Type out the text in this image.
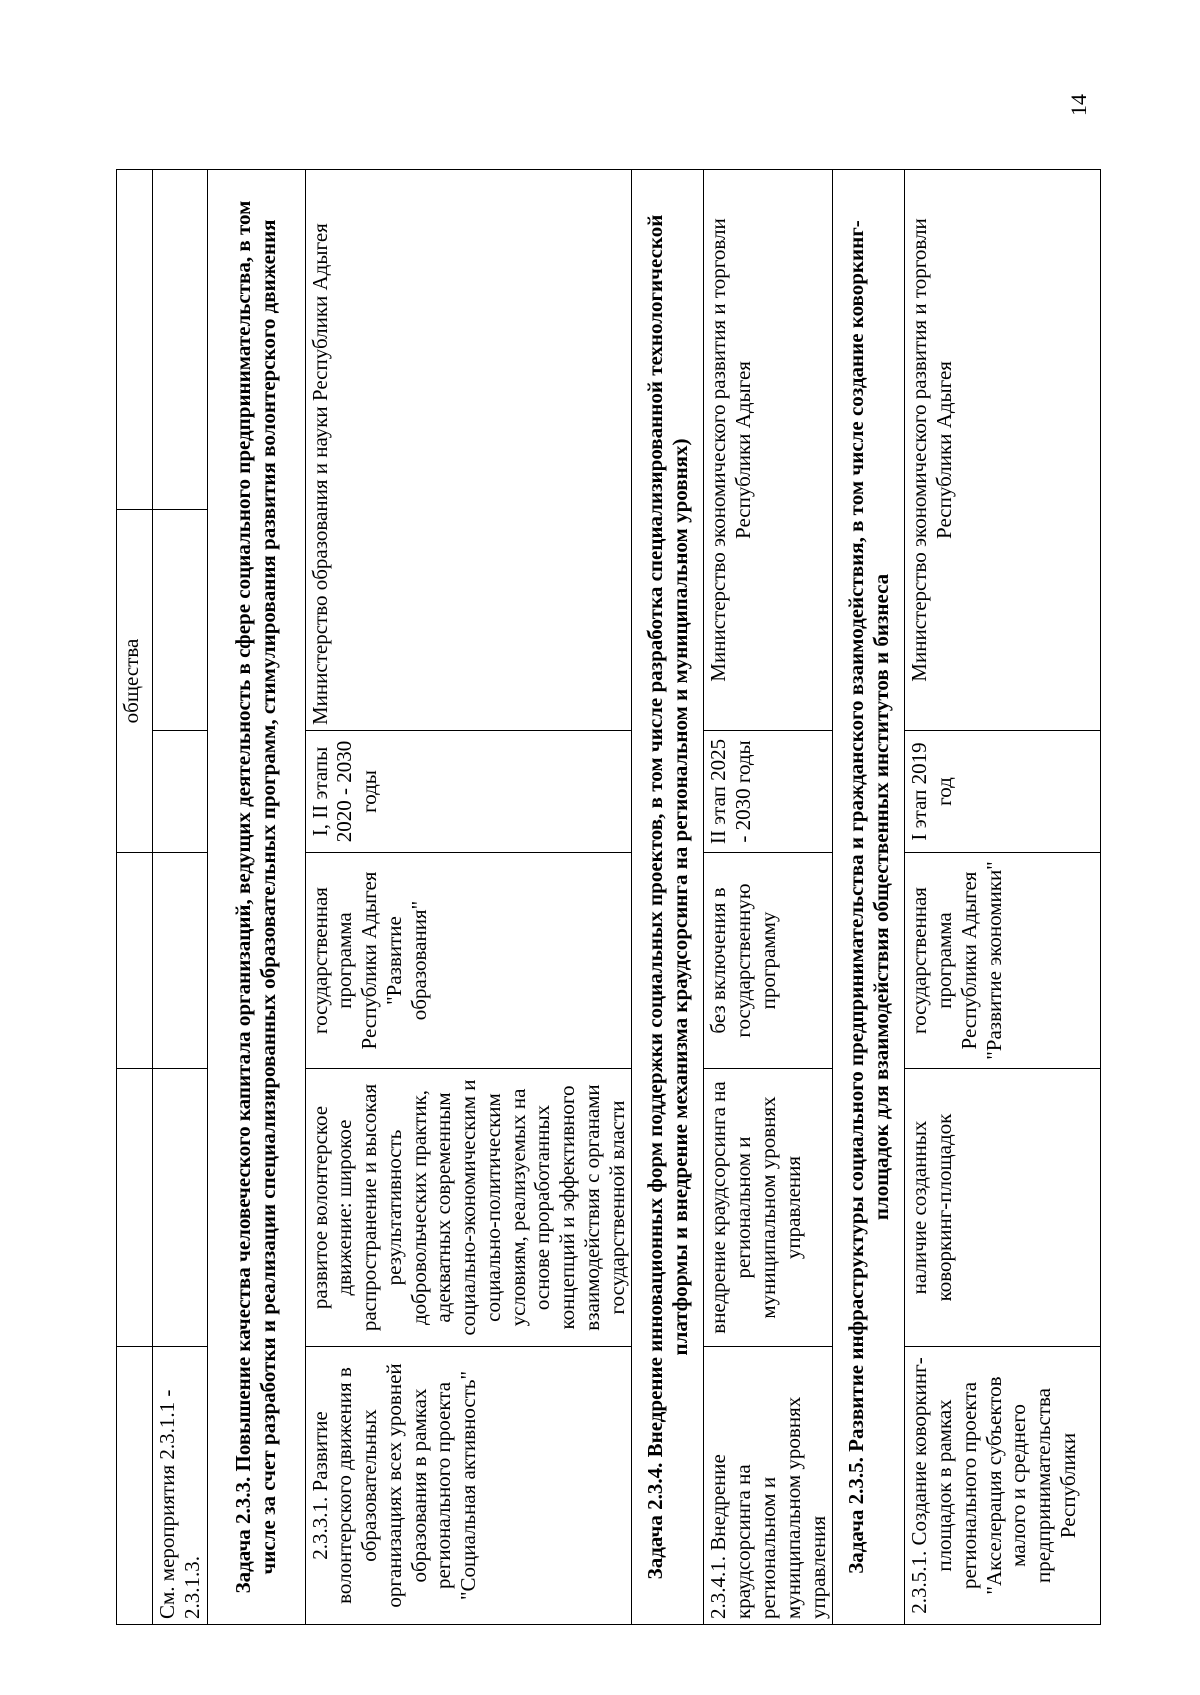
14
			общества		
См. мероприятия 2.3.1.1 - 2.3.1.3.					
Задача 2.3.3. Повышение качества человеческого капитала организаций, ведущих деятельность в сфере социального предпринимательства, в том числе за счет разработки и реализации специализированных образовательных программ, стимулирования развития волонтерского движения					
2.3.3.1. Развитие волонтерского движения в образовательных организациях всех уровней образования в рамках регионального проекта "Социальная активность"	развитое волонтерское движение: широкое распространение и высокая результативность добровольческих практик, адекватных современным социально-экономическим и социально-политическим условиям, реализуемых на основе проработанных концепций и эффективного взаимодействия с органами государственной власти	государственная программа Республики Адыгея "Развитие образования"	I, II этапы 2020 - 2030 годы	Министерство образования и науки Республики Адыгея	
Задача 2.3.4. Внедрение инновационных форм поддержки социальных проектов, в том числе разработка специализированной технологической платформы и внедрение механизма краудсорсинга на региональном и муниципальном уровнях)					
2.3.4.1. Внедрение краудсорсинга на региональном и муниципальном уровнях управления	внедрение краудсорсинга на региональном и муниципальном уровнях управления	без включения в государственную программу	II этап 2025 - 2030 годы	Министерство экономического развития и торговли Республики Адыгея	
Задача 2.3.5. Развитие инфраструктуры социального предпринимательства и гражданского взаимодействия, в том числе создание коворкинг-площадок для взаимодействия общественных институтов и бизнеса					
2.3.5.1. Создание коворкинг-площадок в рамках регионального проекта "Акселерация субъектов малого и среднего предпринимательства Республики	наличие созданных коворкинг-площадок	государственная программа Республики Адыгея "Развитие экономики"	I этап 2019 год	Министерство экономического развития и торговли Республики Адыгея	
